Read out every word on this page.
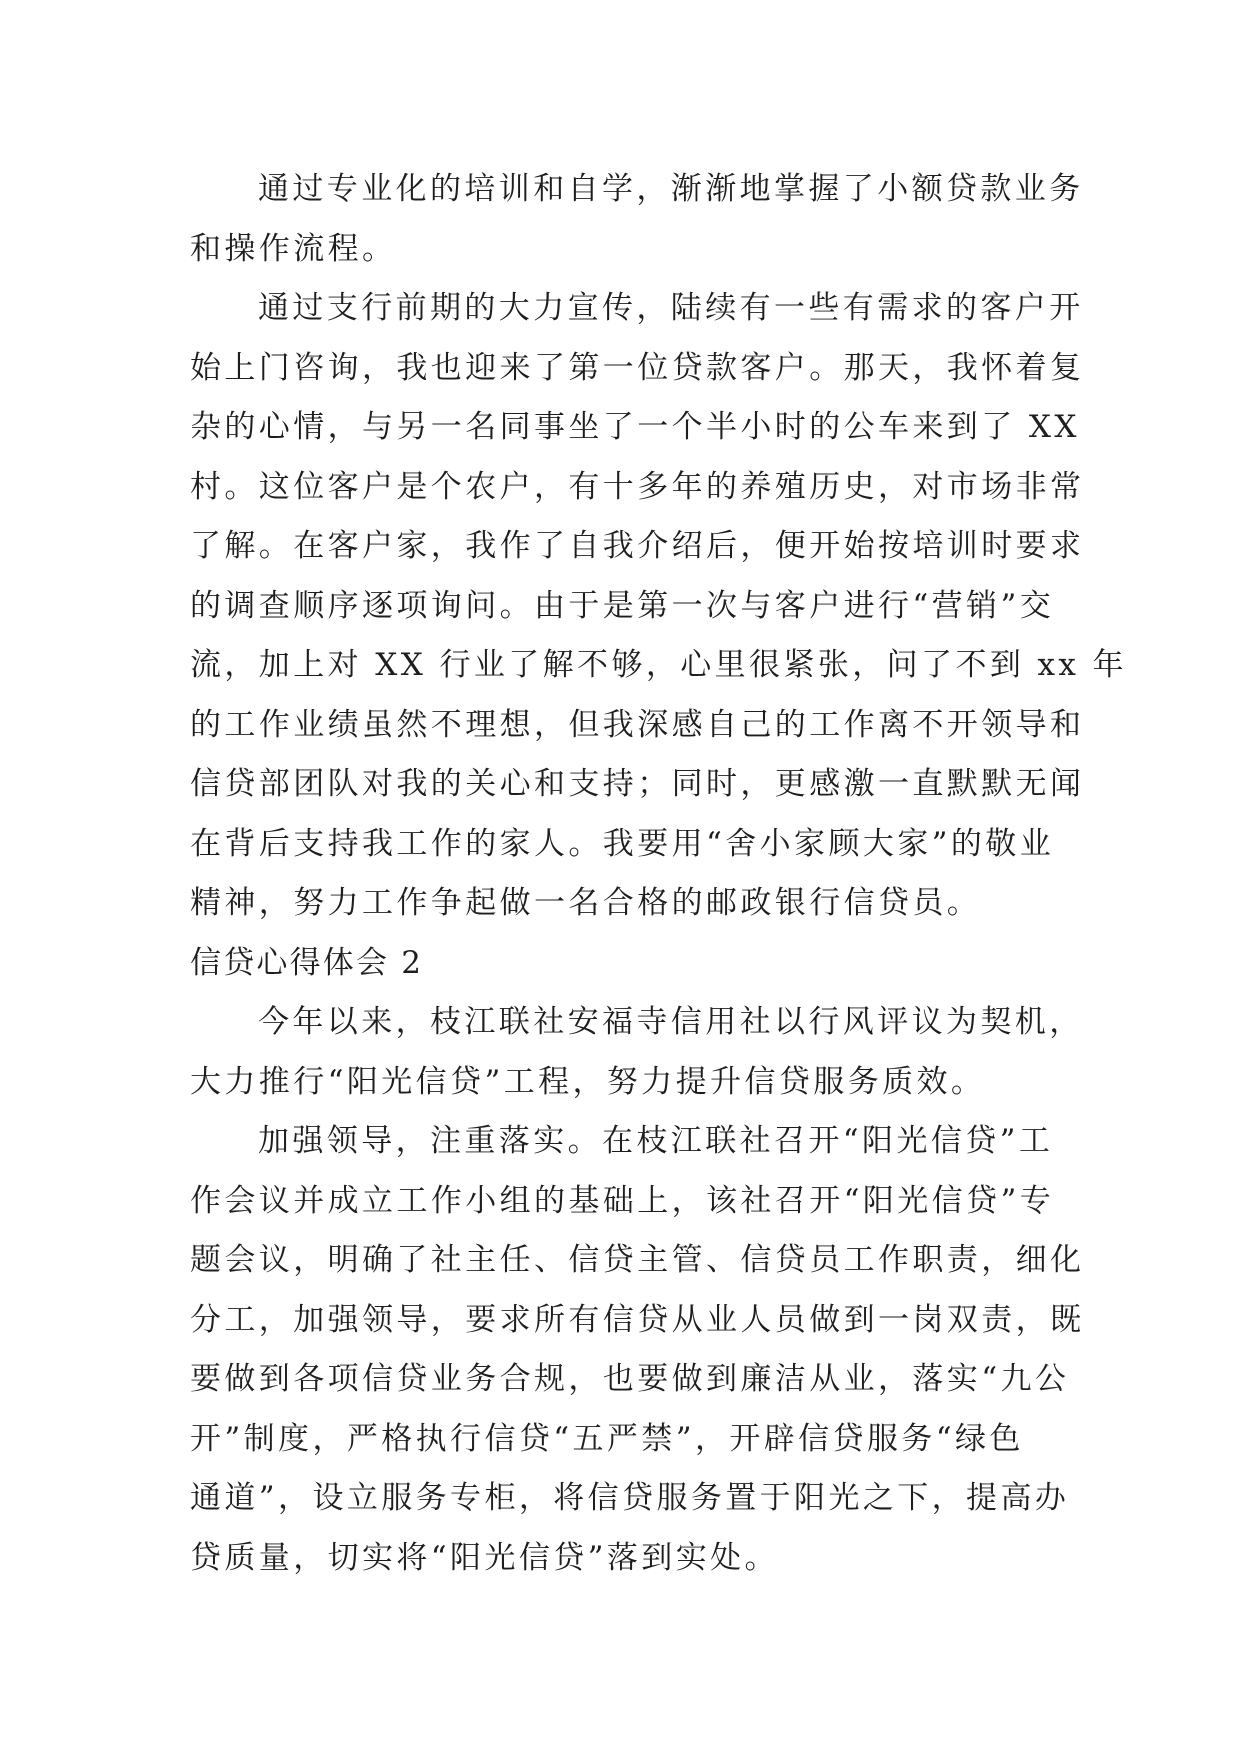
通过专业化的培训和自学，渐渐地掌握了小额贷款业务
和操作流程。
通过支行前期的大力宣传，陆续有一些有需求的客户开
始上门咨询，我也迎来了第一位贷款客户。那天，我怀着复
杂的心情，与另一名同事坐了一个半小时的公车来到了 XX
村。这位客户是个农户，有十多年的养殖历史，对市场非常
了解。在客户家，我作了自我介绍后，便开始按培训时要求
的调查顺序逐项询问。由于是第一次与客户进行“营销”交
流，加上对 XX 行业了解不够，心里很紧张，问了不到 xx 年
的工作业绩虽然不理想，但我深感自己的工作离不开领导和
信贷部团队对我的关心和支持；同时，更感激一直默默无闻
在背后支持我工作的家人。我要用“舍小家顾大家”的敬业
精神，努力工作争起做一名合格的邮政银行信贷员。
信贷心得体会 2
今年以来，枝江联社安福寺信用社以行风评议为契机，
大力推行“阳光信贷”工程，努力提升信贷服务质效。
加强领导，注重落实。在枝江联社召开“阳光信贷”工
作会议并成立工作小组的基础上，该社召开“阳光信贷”专
题会议，明确了社主任、信贷主管、信贷员工作职责，细化
分工，加强领导，要求所有信贷从业人员做到一岗双责，既
要做到各项信贷业务合规，也要做到廉洁从业，落实“九公
开”制度，严格执行信贷“五严禁”，开辟信贷服务“绿色
通道”，设立服务专柜，将信贷服务置于阳光之下，提高办
贷质量，切实将“阳光信贷”落到实处。
